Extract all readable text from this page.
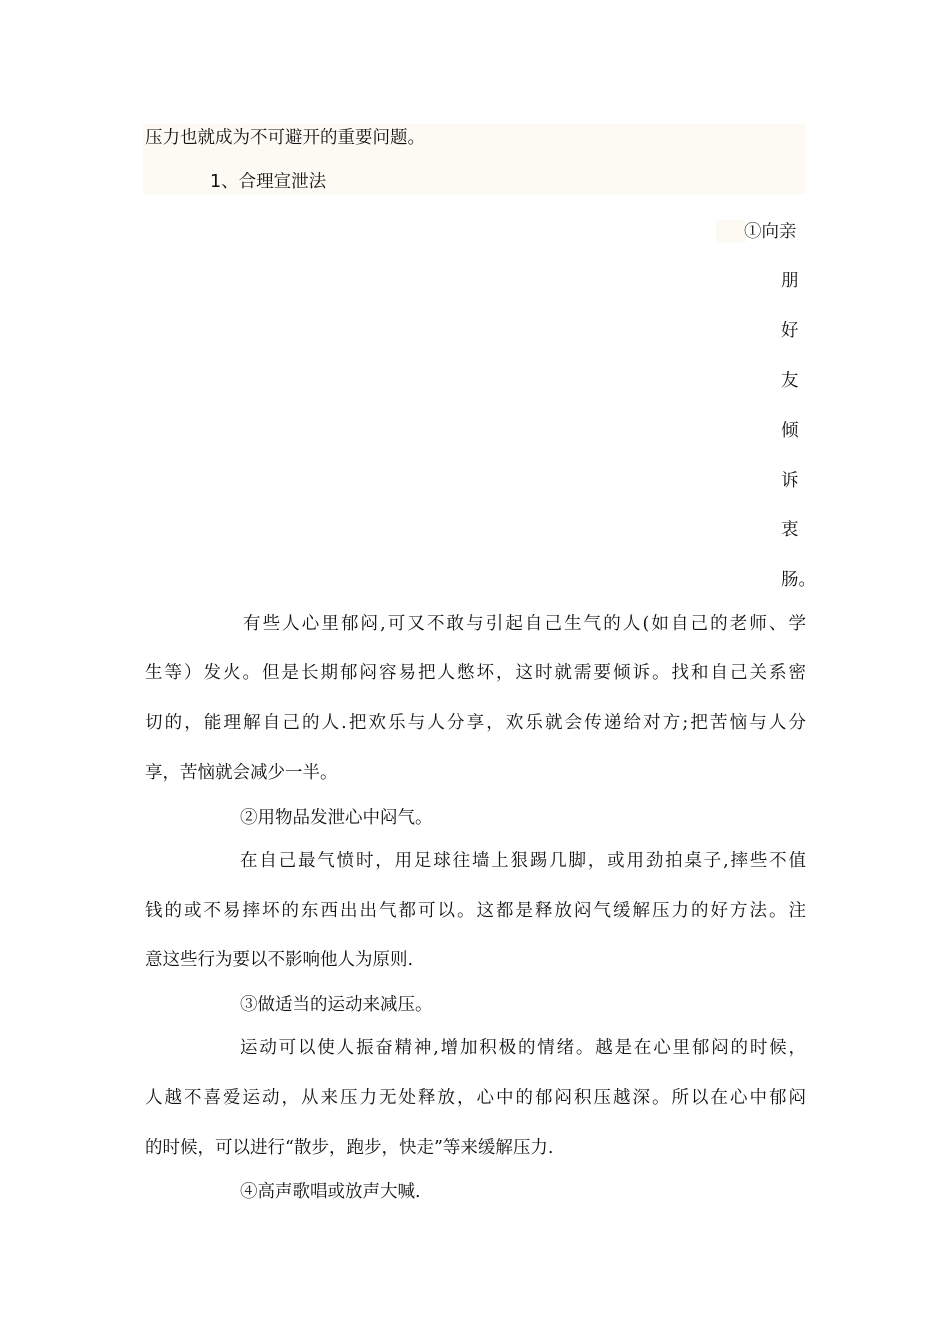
压力也就成为不可避开的重要问题。
1、合理宣泄法
①向亲
朋
好
友
倾
诉
衷
肠。
有些人心里郁闷,可又不敢与引起自己生气的人(如自己的老师、学
生等）发火。但是长期郁闷容易把人憋坏，这时就需要倾诉。找和自己关系密
切的，能理解自己的人.把欢乐与人分享，欢乐就会传递给对方;把苦恼与人分
享，苦恼就会减少一半。
②用物品发泄心中闷气。
在自己最气愤时，用足球往墙上狠踢几脚，或用劲拍桌子,摔些不值
钱的或不易摔坏的东西出出气都可以。这都是释放闷气缓解压力的好方法。注
意这些行为要以不影响他人为原则.
③做适当的运动来减压。
运动可以使人振奋精神,增加积极的情绪。越是在心里郁闷的时候，
人越不喜爱运动，从来压力无处释放，心中的郁闷积压越深。所以在心中郁闷
的时候，可以进行“散步，跑步，快走”等来缓解压力.
④高声歌唱或放声大喊.
